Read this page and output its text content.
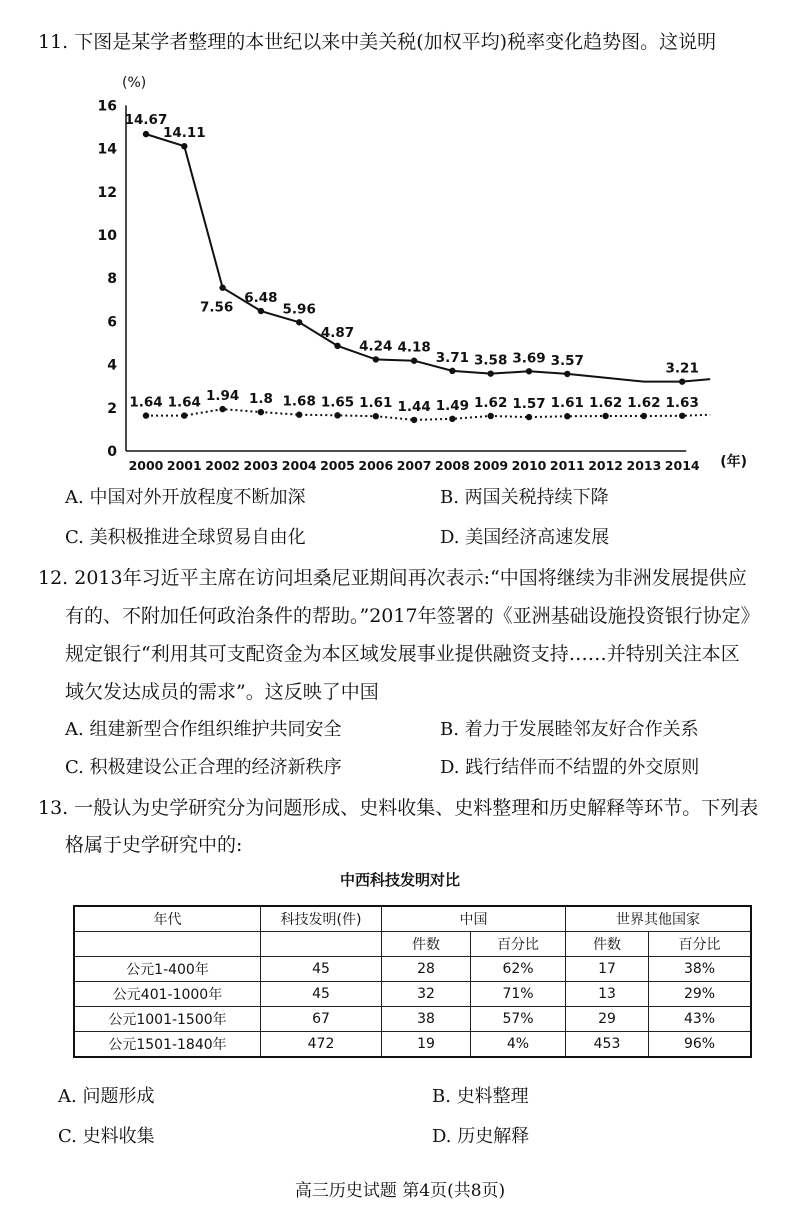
11. 下图是某学者整理的本世纪以来中美关税(加权平均)税率变化趋势图。这说明
(%)
(年)
0
2
4
6
8
10
12
14
16
2000 2001 2002 2003 2004 2005 2006 2007 2008 2009 2010 2011 2012 2013 2014
14.67
14.11
7.56
6.48
5.96
4.87
4.24 4.18
3.71 3.58 3.69 3.57	3.21
1.64 1.64 1.94 1.8 1.68 1.65 1.61 1.44 1.49 1.62 1.57 1.61 1.62 1.62 1.63
A. 中国对外开放程度不断加深	B. 两国关税持续下降
C. 美积极推进全球贸易自由化	D. 美国经济高速发展
12. 2013年习近平主席在访问坦桑尼亚期间再次表示:“中国将继续为非洲发展提供应
有的、不附加任何政治条件的帮助。”2017年签署的《亚洲基础设施投资银行协定》
规定银行“利用其可支配资金为本区域发展事业提供融资支持……并特别关注本区
域欠发达成员的需求”。这反映了中国
A. 组建新型合作组织维护共同安全	B. 着力于发展睦邻友好合作关系
C. 积极建设公正合理的经济新秩序	D. 践行结伴而不结盟的外交原则
13. 一般认为史学研究分为问题形成、史料收集、史料整理和历史解释等环节。下列表
格属于史学研究中的:
中西科技发明对比
年代	科技发明(件)	中国		世界其他国家	
		件数	百分比	件数	百分比
公元1-400年	45	28	62%	17	38%
公元401-1000年	45	32	71%	13	29%
公元1001-1500年	67	38	57%	29	43%
公元1501-1840年	472	19	4%	453	96%
A. 问题形成	B. 史料整理
C. 史料收集	D. 历史解释
高三历史试题 第4页(共8页)
